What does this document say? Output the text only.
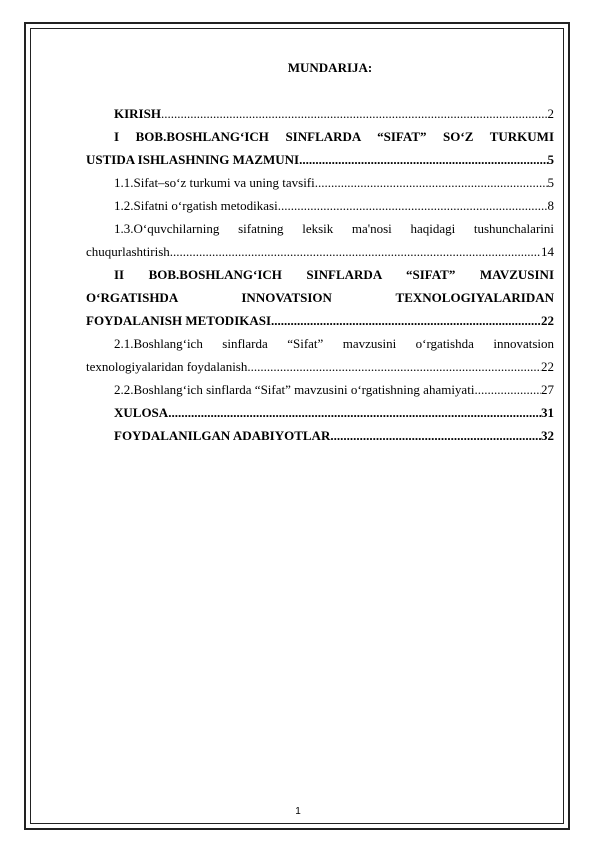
MUNDARIJA:
KIRISH .....	2
I BOB.BOSHLANG‘ICH SINFLARDA “SIFAT” SO‘Z TURKUMI
USTIDA ISHLASHNING MAZMUNI .....	5
1.1.Sifat–so‘z turkumi va uning tavsifi .....	5
1.2.Sifatni o‘rgatish metodikasi .....	8
1.3.O‘quvchilarning sifatning leksik ma'nosi haqidagi tushunchalarini
chuqurlashtirish .....	14
II BOB.BOSHLANG‘ICH SINFLARDA “SIFAT” MAVZUSINI
O‘RGATISHDA INNOVATSION TEXNOLOGIYALARIDAN
FOYDALANISH METODIKASI .....	22
2.1.Boshlang‘ich sinflarda “Sifat” mavzusini o‘rgatishda innovatsion
texnologiyalaridan foydalanish .....	22
2.2.Boshlang‘ich sinflarda “Sifat” mavzusini o‘rgatishning ahamiyati .....	27
XULOSA .....	31
FOYDALANILGAN ADABIYOTLAR .....	32
1
